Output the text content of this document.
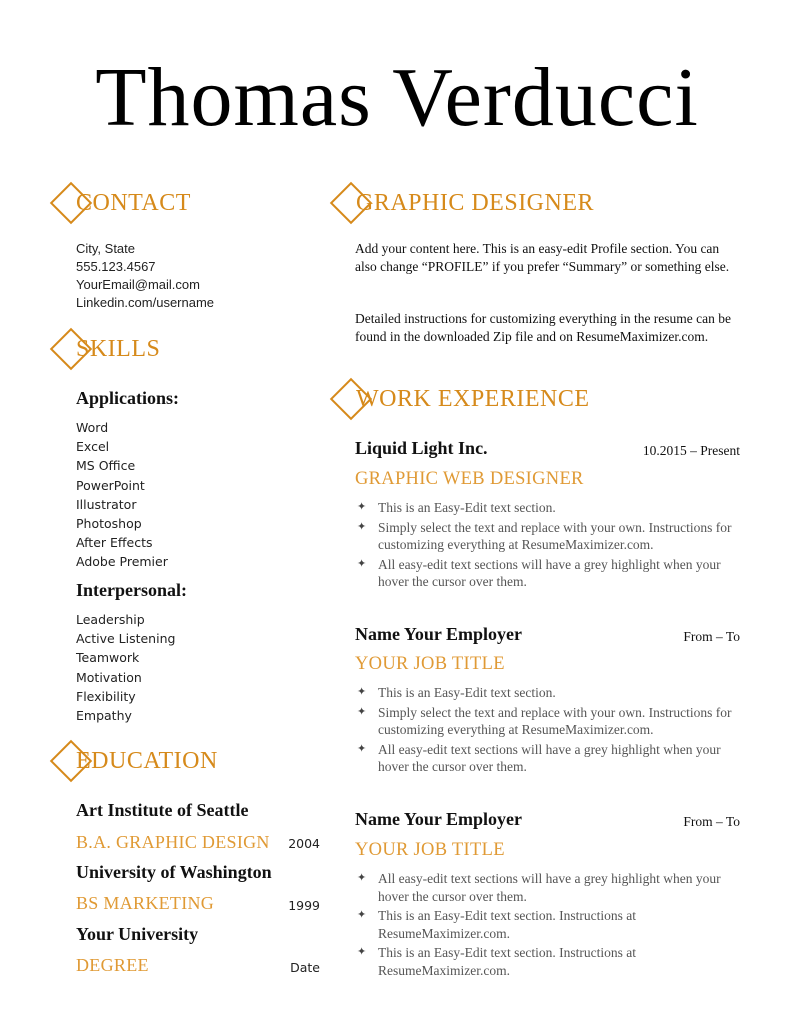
Thomas Verducci
CONTACT
City, State
555.123.4567
YourEmail@mail.com
Linkedin.com/username
SKILLS
Applications:
Word
Excel
MS Office
PowerPoint
Illustrator
Photoshop
After Effects
Adobe Premier
Interpersonal:
Leadership
Active Listening
Teamwork
Motivation
Flexibility
Empathy
EDUCATION
Art Institute of Seattle
B.A. GRAPHIC DESIGN	2004
University of Washington
BS MARKETING	1999
Your University
DEGREE	Date
GRAPHIC DESIGNER
Add your content here. This is an easy-edit Profile section. You can also change “PROFILE” if you prefer “Summary” or something else.
Detailed instructions for customizing everything in the resume can be found in the downloaded Zip file and on ResumeMaximizer.com.
WORK EXPERIENCE
Liquid Light Inc.	10.2015 – Present
GRAPHIC WEB DESIGNER
✦ This is an Easy-Edit text section.
✦ Simply select the text and replace with your own. Instructions for customizing everything at ResumeMaximizer.com.
✦ All easy-edit text sections will have a grey highlight when your hover the cursor over them.
Name Your Employer	From – To
YOUR JOB TITLE
✦ This is an Easy-Edit text section.
✦ Simply select the text and replace with your own. Instructions for customizing everything at ResumeMaximizer.com.
✦ All easy-edit text sections will have a grey highlight when your hover the cursor over them.
Name Your Employer	From – To
YOUR JOB TITLE
✦ All easy-edit text sections will have a grey highlight when your hover the cursor over them.
✦ This is an Easy-Edit text section. Instructions at ResumeMaximizer.com.
✦ This is an Easy-Edit text section. Instructions at ResumeMaximizer.com.
